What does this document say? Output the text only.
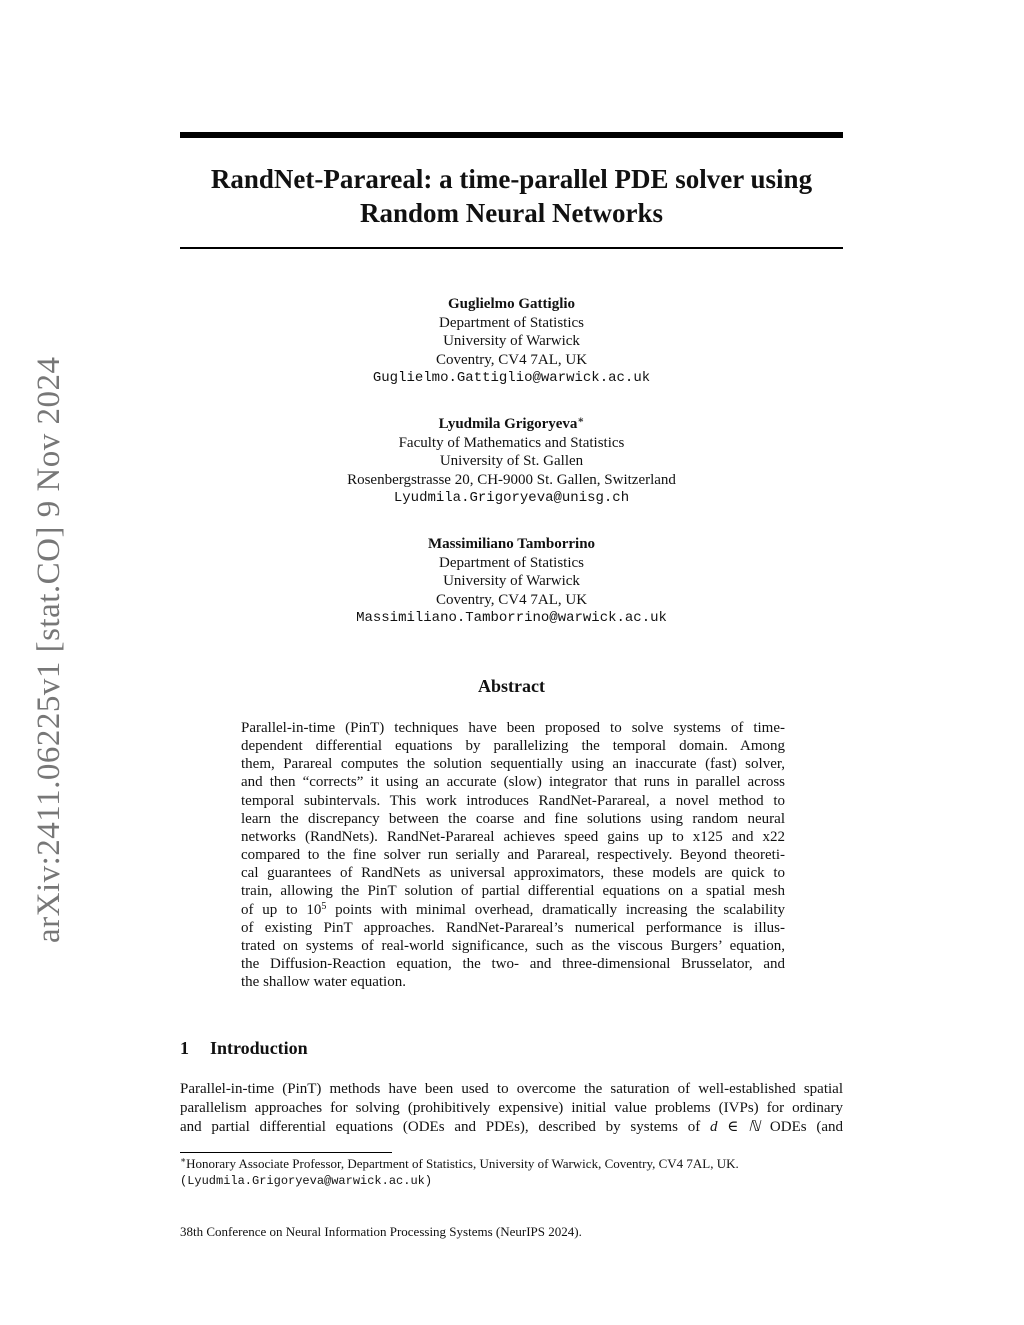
arXiv:2411.06225v1 [stat.CO] 9 Nov 2024
RandNet-Parareal: a time-parallel PDE solver using
Random Neural Networks
Guglielmo Gattiglio
Department of Statistics
University of Warwick
Coventry, CV4 7AL, UK
Guglielmo.Gattiglio@warwick.ac.uk
Lyudmila Grigoryeva∗
Faculty of Mathematics and Statistics
University of St. Gallen
Rosenbergstrasse 20, CH-9000 St. Gallen, Switzerland
Lyudmila.Grigoryeva@unisg.ch
Massimiliano Tamborrino
Department of Statistics
University of Warwick
Coventry, CV4 7AL, UK
Massimiliano.Tamborrino@warwick.ac.uk
Abstract
Parallel-in-time (PinT) techniques have been proposed to solve systems of time-
dependent differential equations by parallelizing the temporal domain. Among
them, Parareal computes the solution sequentially using an inaccurate (fast) solver,
and then “corrects” it using an accurate (slow) integrator that runs in parallel across
temporal subintervals. This work introduces RandNet-Parareal, a novel method to
learn the discrepancy between the coarse and fine solutions using random neural
networks (RandNets). RandNet-Parareal achieves speed gains up to x125 and x22
compared to the fine solver run serially and Parareal, respectively. Beyond theoreti-
cal guarantees of RandNets as universal approximators, these models are quick to
train, allowing the PinT solution of partial differential equations on a spatial mesh
of up to $10^5$ points with minimal overhead, dramatically increasing the scalability
of existing PinT approaches. RandNet-Parareal’s numerical performance is illus-
trated on systems of real-world significance, such as the viscous Burgers’ equation,
the Diffusion-Reaction equation, the two- and three-dimensional Brusselator, and
the shallow water equation.
1 Introduction
Parallel-in-time (PinT) methods have been used to overcome the saturation of well-established spatial
parallelism approaches for solving (prohibitively expensive) initial value problems (IVPs) for ordinary
and partial differential equations (ODEs and PDEs), described by systems of d ∈ ℕ ODEs (and
∗Honorary Associate Professor, Department of Statistics, University of Warwick, Coventry, CV4 7AL, UK.
(Lyudmila.Grigoryeva@warwick.ac.uk)
38th Conference on Neural Information Processing Systems (NeurIPS 2024).
